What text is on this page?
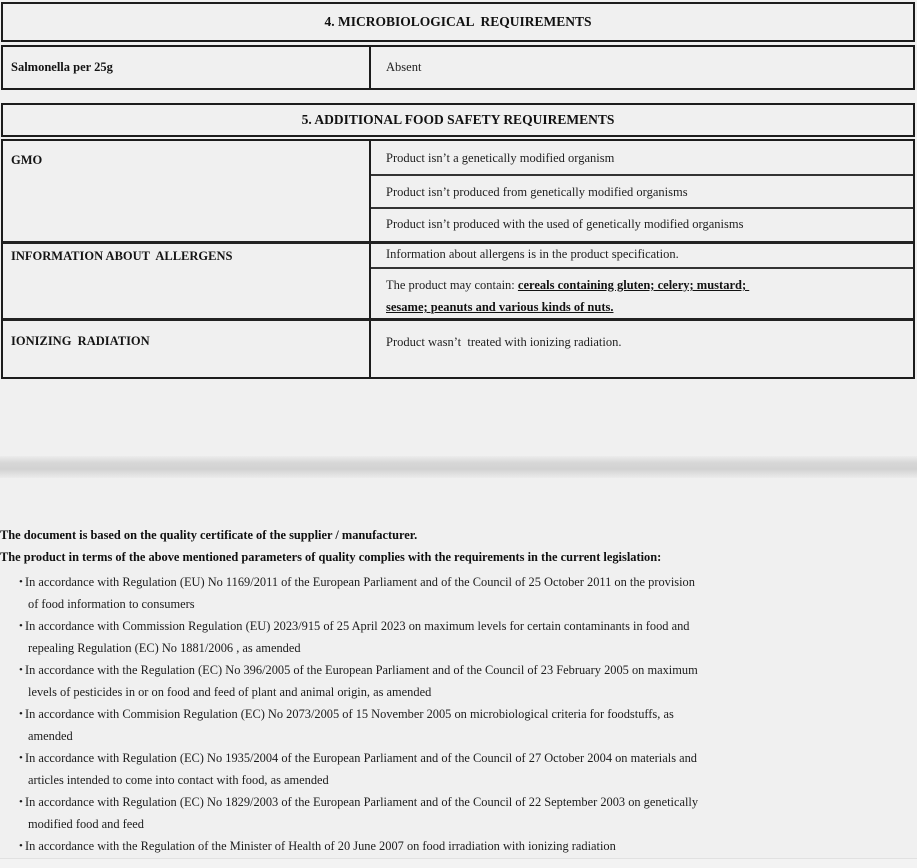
4. MICROBIOLOGICAL  REQUIREMENTS
Salmonella per 25g	Absent
5. ADDITIONAL FOOD SAFETY REQUIREMENTS
GMO	Product isn’t a genetically modified organism
Product isn’t produced from genetically modified organisms
Product isn’t produced with the used of genetically modified organisms
INFORMATION ABOUT  ALLERGENS	Information about allergens is in the product specification.
The product may contain: cereals containing gluten; celery; mustard;
sesame; peanuts and various kinds of nuts.
IONIZING  RADIATION	Product wasn’t  treated with ionizing radiation.
The document is based on the quality certificate of the supplier / manufacturer.
The product in terms of the above mentioned parameters of quality complies with the requirements in the current legislation:
• In accordance with Regulation (EU) No 1169/2011 of the European Parliament and of the Council of 25 October 2011 on the provision
of food information to consumers
• In accordance with Commission Regulation (EU) 2023/915 of 25 April 2023 on maximum levels for certain contaminants in food and
repealing Regulation (EC) No 1881/2006 , as amended
• In accordance with the Regulation (EC) No 396/2005 of the European Parliament and of the Council of 23 February 2005 on maximum
levels of pesticides in or on food and feed of plant and animal origin, as amended
• In accordance with Commision Regulation (EC) No 2073/2005 of 15 November 2005 on microbiological criteria for foodstuffs, as
amended
• In accordance with Regulation (EC) No 1935/2004 of the European Parliament and of the Council of 27 October 2004 on materials and
articles intended to come into contact with food, as amended
• In accordance with Regulation (EC) No 1829/2003 of the European Parliament and of the Council of 22 September 2003 on genetically
modified food and feed
• In accordance with the Regulation of the Minister of Health of 20 June 2007 on food irradiation with ionizing radiation
